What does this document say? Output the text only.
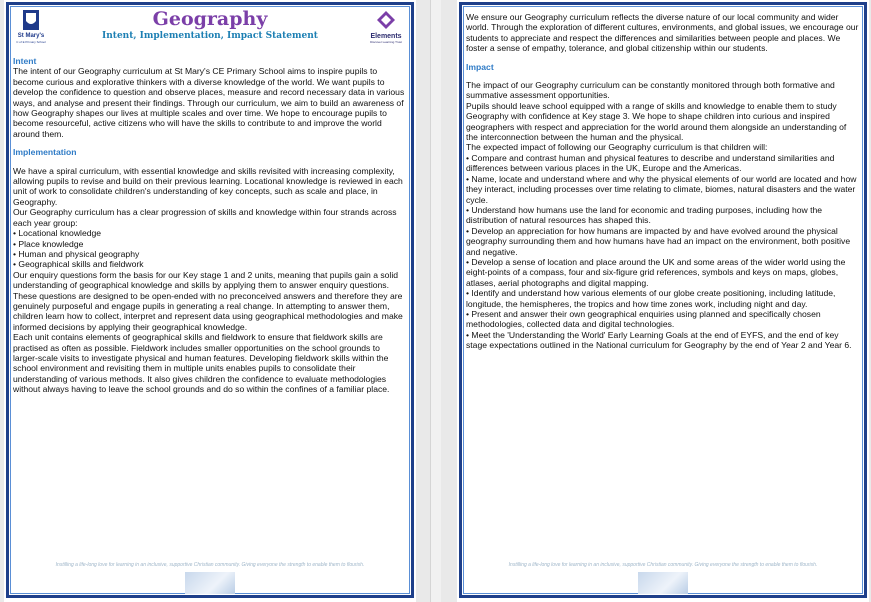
St Mary's
C of E Primary School
Elements
Discover Learning Trust
Geography
Intent, Implementation, Impact Statement

Intent

The intent of our Geography curriculum at St Mary's CE Primary School aims to inspire pupils to become curious and explorative thinkers with a diverse knowledge of the world. We want pupils to develop the confidence to question and observe places, measure and record necessary data in various ways, and analyse and present their findings. Through our curriculum, we aim to build an awareness of how Geography shapes our lives at multiple scales and over time. We hope to encourage pupils to become resourceful, active citizens who will have the skills to contribute to and improve the world around them.

Implementation

We have a spiral curriculum, with essential knowledge and skills revisited with increasing complexity, allowing pupils to revise and build on their previous learning. Locational knowledge is reviewed in each unit of work to consolidate children's understanding of key concepts, such as scale and place, in Geography.

Our Geography curriculum has a clear progression of skills and knowledge within four strands across each year group:

• Locational knowledge
• Place knowledge
• Human and physical geography
• Geographical skills and fieldwork

Our enquiry questions form the basis for our Key stage 1 and 2 units, meaning that pupils gain a solid understanding of geographical knowledge and skills by applying them to answer enquiry questions. These questions are designed to be open-ended with no preconceived answers and therefore they are genuinely purposeful and engage pupils in generating a real change. In attempting to answer them, children learn how to collect, interpret and represent data using geographical methodologies and make informed decisions by applying their geographical knowledge.

Each unit contains elements of geographical skills and fieldwork to ensure that fieldwork skills are practised as often as possible. Fieldwork includes smaller opportunities on the school grounds to larger-scale visits to investigate physical and human features. Developing fieldwork skills within the school environment and revisiting them in multiple units enables pupils to consolidate their understanding of various methods. It also gives children the confidence to evaluate methodologies without always having to leave the school grounds and do so within the confines of a familiar place.

Instilling a life-long love for learning in an inclusive, supportive Christian community. Giving everyone the strength to enable them to flourish.

We ensure our Geography curriculum reflects the diverse nature of our local community and wider world. Through the exploration of different cultures, environments, and global issues, we encourage our students to appreciate and respect the differences and similarities between people and places. We foster a sense of empathy, tolerance, and global citizenship within our students.

Impact

The impact of our Geography curriculum can be constantly monitored through both formative and summative assessment opportunities.

Pupils should leave school equipped with a range of skills and knowledge to enable them to study Geography with confidence at Key stage 3. We hope to shape children into curious and inspired geographers with respect and appreciation for the world around them alongside an understanding of the interconnection between the human and the physical.

The expected impact of following our Geography curriculum is that children will:

• Compare and contrast human and physical features to describe and understand similarities and differences between various places in the UK, Europe and the Americas.
• Name, locate and understand where and why the physical elements of our world are located and how they interact, including processes over time relating to climate, biomes, natural disasters and the water cycle.
• Understand how humans use the land for economic and trading purposes, including how the distribution of natural resources has shaped this.
• Develop an appreciation for how humans are impacted by and have evolved around the physical geography surrounding them and how humans have had an impact on the environment, both positive and negative.
• Develop a sense of location and place around the UK and some areas of the wider world using the eight-points of a compass, four and six-figure grid references, symbols and keys on maps, globes, atlases, aerial photographs and digital mapping.
• Identify and understand how various elements of our globe create positioning, including latitude, longitude, the hemispheres, the tropics and how time zones work, including night and day.
• Present and answer their own geographical enquiries using planned and specifically chosen methodologies, collected data and digital technologies.
• Meet the 'Understanding the World' Early Learning Goals at the end of EYFS, and the end of key stage expectations outlined in the National curriculum for Geography by the end of Year 2 and Year 6.
Instilling a life-long love for learning in an inclusive, supportive Christian community. Giving everyone the strength to enable them to flourish.
